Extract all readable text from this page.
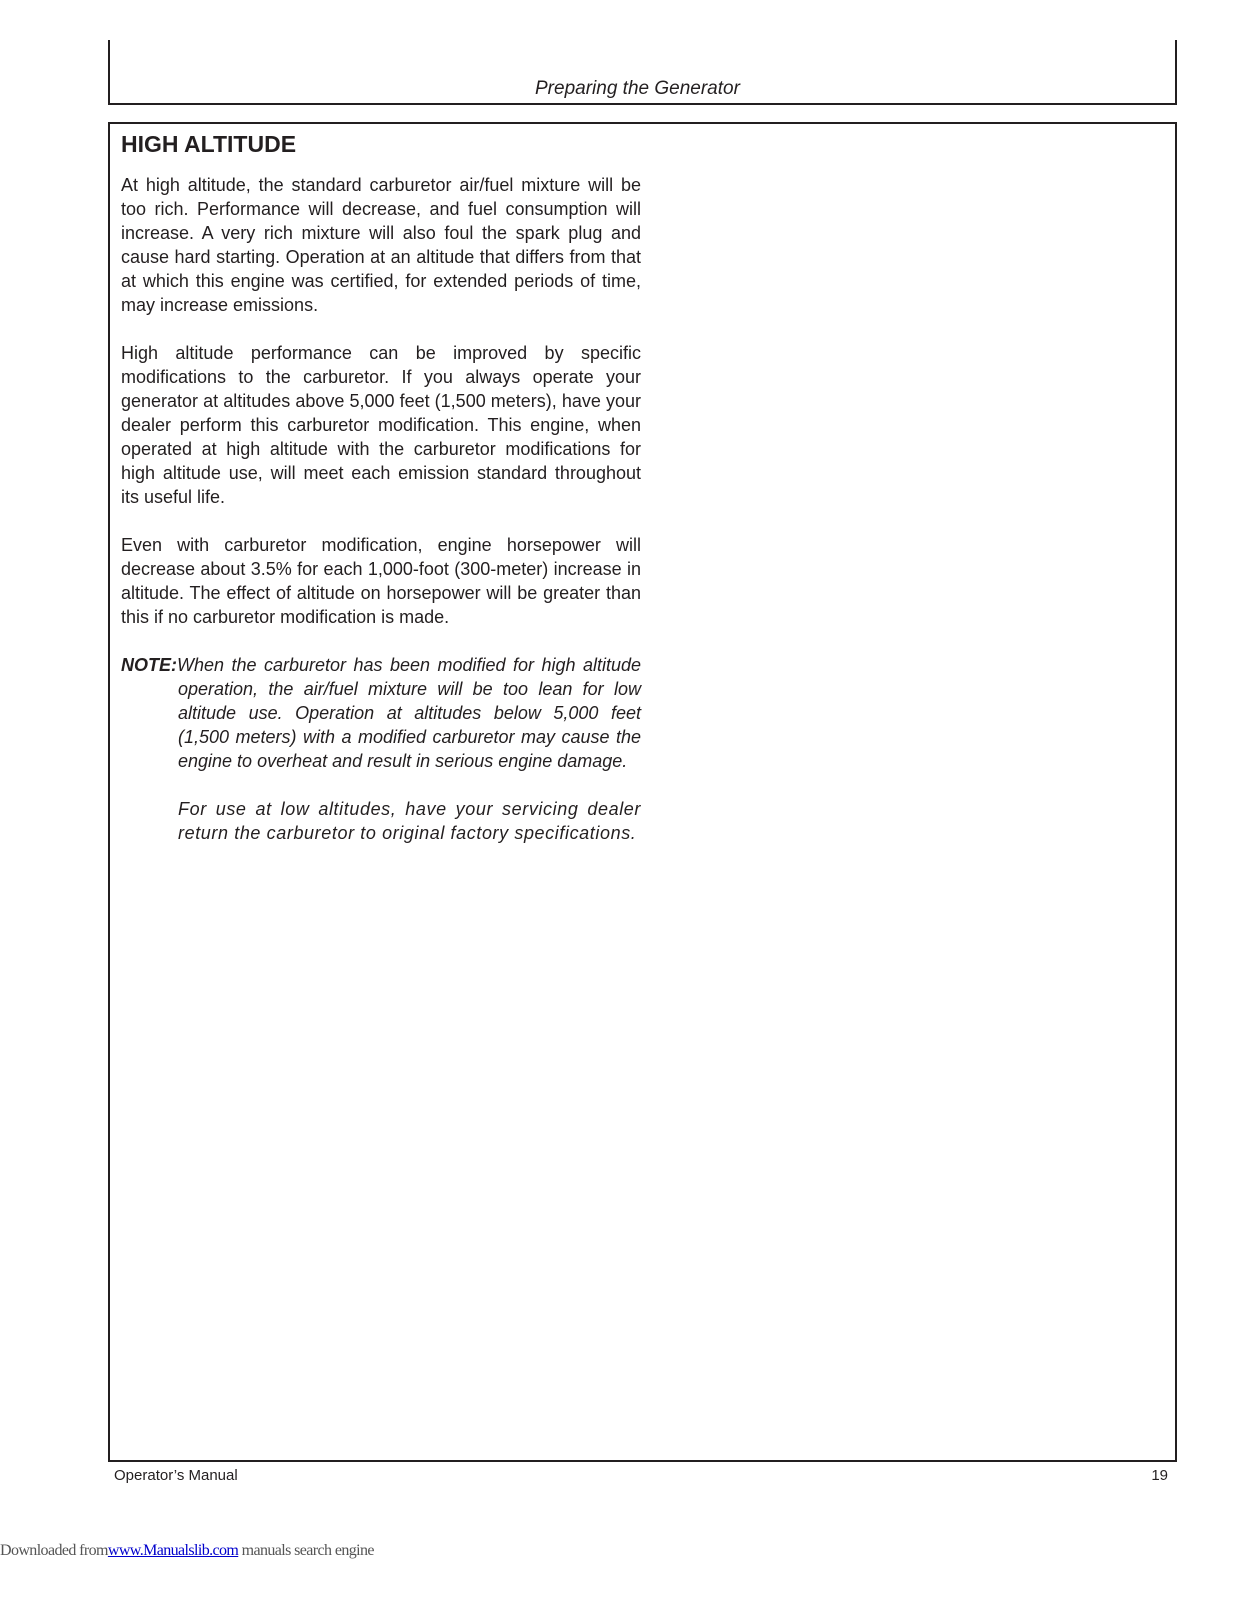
Preparing the Generator
HIGH ALTITUDE

At high altitude, the standard carburetor air/fuel mixture will be too rich. Performance will decrease, and fuel consumption will increase. A very rich mixture will also foul the spark plug and cause hard starting. Operation at an altitude that differs from that at which this engine was certified, for extended periods of time, may increase emissions.

High altitude performance can be improved by specific modifications to the carburetor. If you always operate your generator at altitudes above 5,000 feet (1,500 meters), have your dealer perform this carburetor modification. This engine, when operated at high altitude with the carburetor modifications for high altitude use, will meet each emission standard throughout its useful life.

Even with carburetor modification, engine horsepower will decrease about 3.5% for each 1,000-foot (300-meter) increase in altitude. The effect of altitude on horsepower will be greater than this if no carburetor modification is made.

NOTE:When the carburetor has been modified for high altitude operation, the air/fuel mixture will be too lean for low altitude use. Operation at altitudes below 5,000 feet (1,500 meters) with a modified carburetor may cause the engine to overheat and result in serious engine damage.
For use at low altitudes, have your servicing dealer return the carburetor to original factory specifications.
Operator’s Manual	19
Downloaded fromwww.Manualslib.com manuals search engine
